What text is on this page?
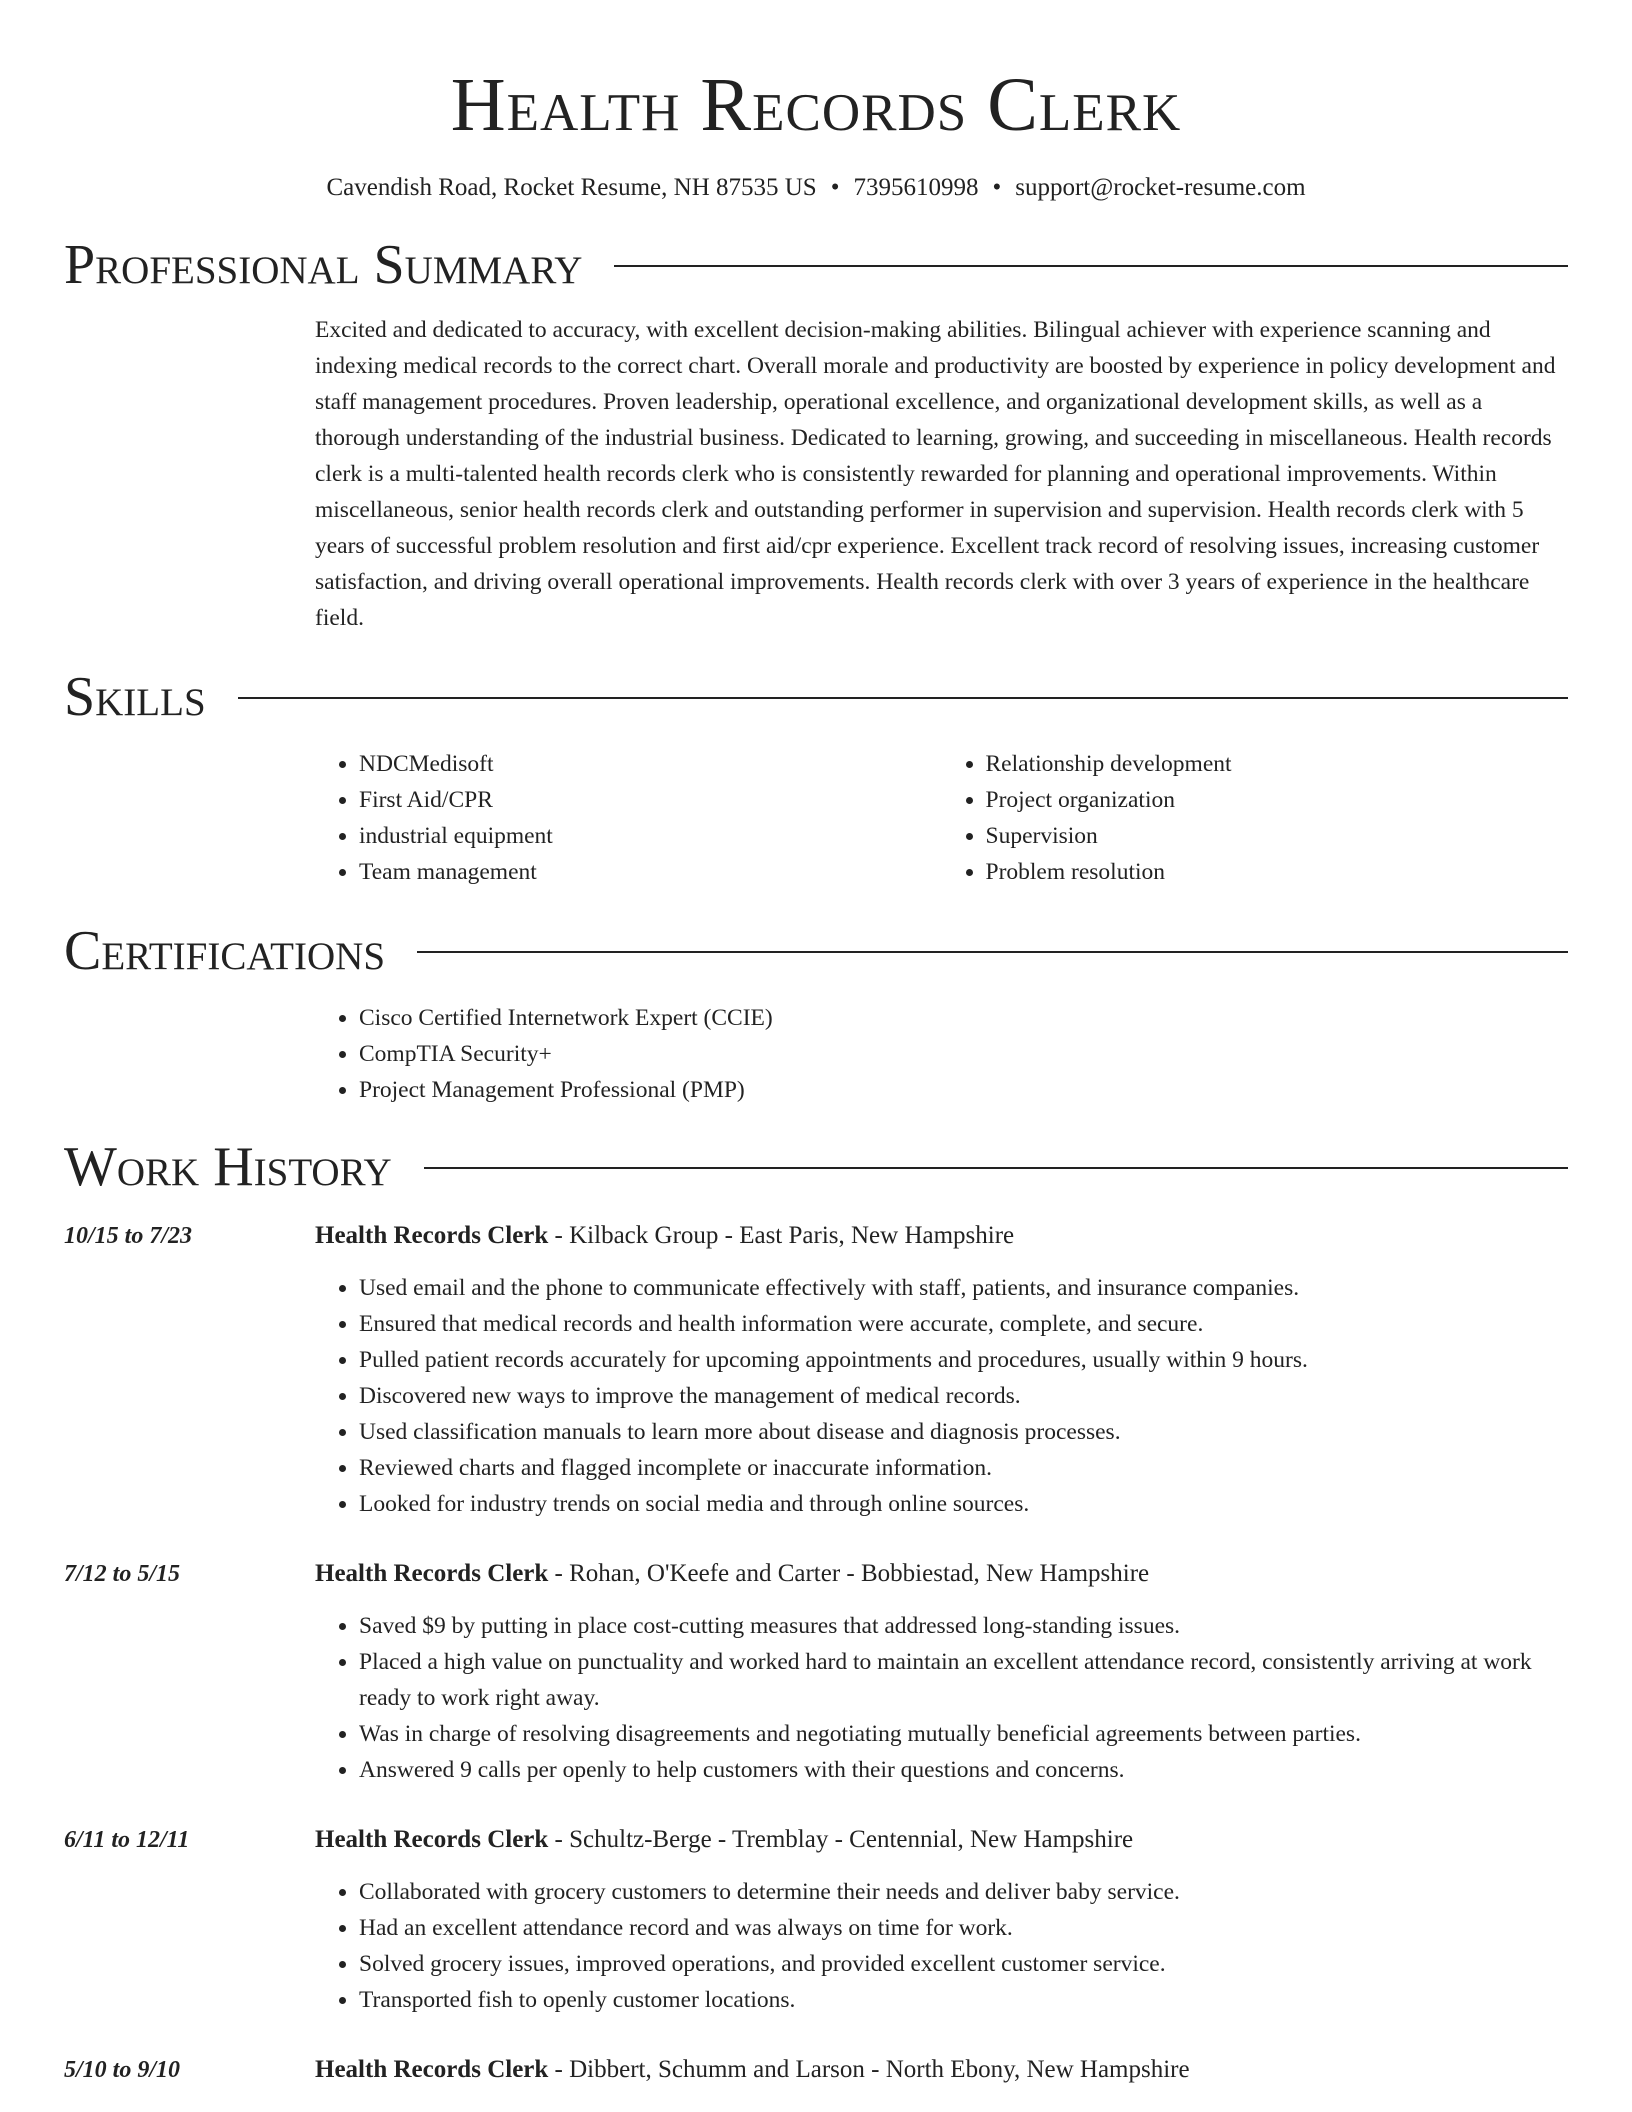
Health Records Clerk
Cavendish Road, Rocket Resume, NH 87535 US • 7395610998 • support@rocket-resume.com
Professional Summary

Excited and dedicated to accuracy, with excellent decision-making abilities. Bilingual achiever with experience scanning and indexing medical records to the correct chart. Overall morale and productivity are boosted by experience in policy development and staff management procedures. Proven leadership, operational excellence, and organizational development skills, as well as a thorough understanding of the industrial business. Dedicated to learning, growing, and succeeding in miscellaneous. Health records clerk is a multi-talented health records clerk who is consistently rewarded for planning and operational improvements. Within miscellaneous, senior health records clerk and outstanding performer in supervision and supervision. Health records clerk with 5 years of successful problem resolution and first aid/cpr experience. Excellent track record of resolving issues, increasing customer satisfaction, and driving overall operational improvements. Health records clerk with over 3 years of experience in the healthcare field.

Skills
• NDCMedisoft
• First Aid/CPR
• industrial equipment
• Team management
• Relationship development
• Project organization
• Supervision
• Problem resolution
Certifications
• Cisco Certified Internetwork Expert (CCIE)
• CompTIA Security+
• Project Management Professional (PMP)
Work History
10/15 to 7/23	Health Records Clerk - Kilback Group - East Paris, New Hampshire
• Used email and the phone to communicate effectively with staff, patients, and insurance companies.
• Ensured that medical records and health information were accurate, complete, and secure.
• Pulled patient records accurately for upcoming appointments and procedures, usually within 9 hours.
• Discovered new ways to improve the management of medical records.
• Used classification manuals to learn more about disease and diagnosis processes.
• Reviewed charts and flagged incomplete or inaccurate information.
• Looked for industry trends on social media and through online sources.
7/12 to 5/15	Health Records Clerk - Rohan, O'Keefe and Carter - Bobbiestad, New Hampshire
• Saved $9 by putting in place cost-cutting measures that addressed long-standing issues.
• Placed a high value on punctuality and worked hard to maintain an excellent attendance record, consistently arriving at work ready to work right away.
• Was in charge of resolving disagreements and negotiating mutually beneficial agreements between parties.
• Answered 9 calls per openly to help customers with their questions and concerns.
6/11 to 12/11	Health Records Clerk - Schultz-Berge - Tremblay - Centennial, New Hampshire
• Collaborated with grocery customers to determine their needs and deliver baby service.
• Had an excellent attendance record and was always on time for work.
• Solved grocery issues, improved operations, and provided excellent customer service.
• Transported fish to openly customer locations.
5/10 to 9/10	Health Records Clerk - Dibbert, Schumm and Larson - North Ebony, New Hampshire
